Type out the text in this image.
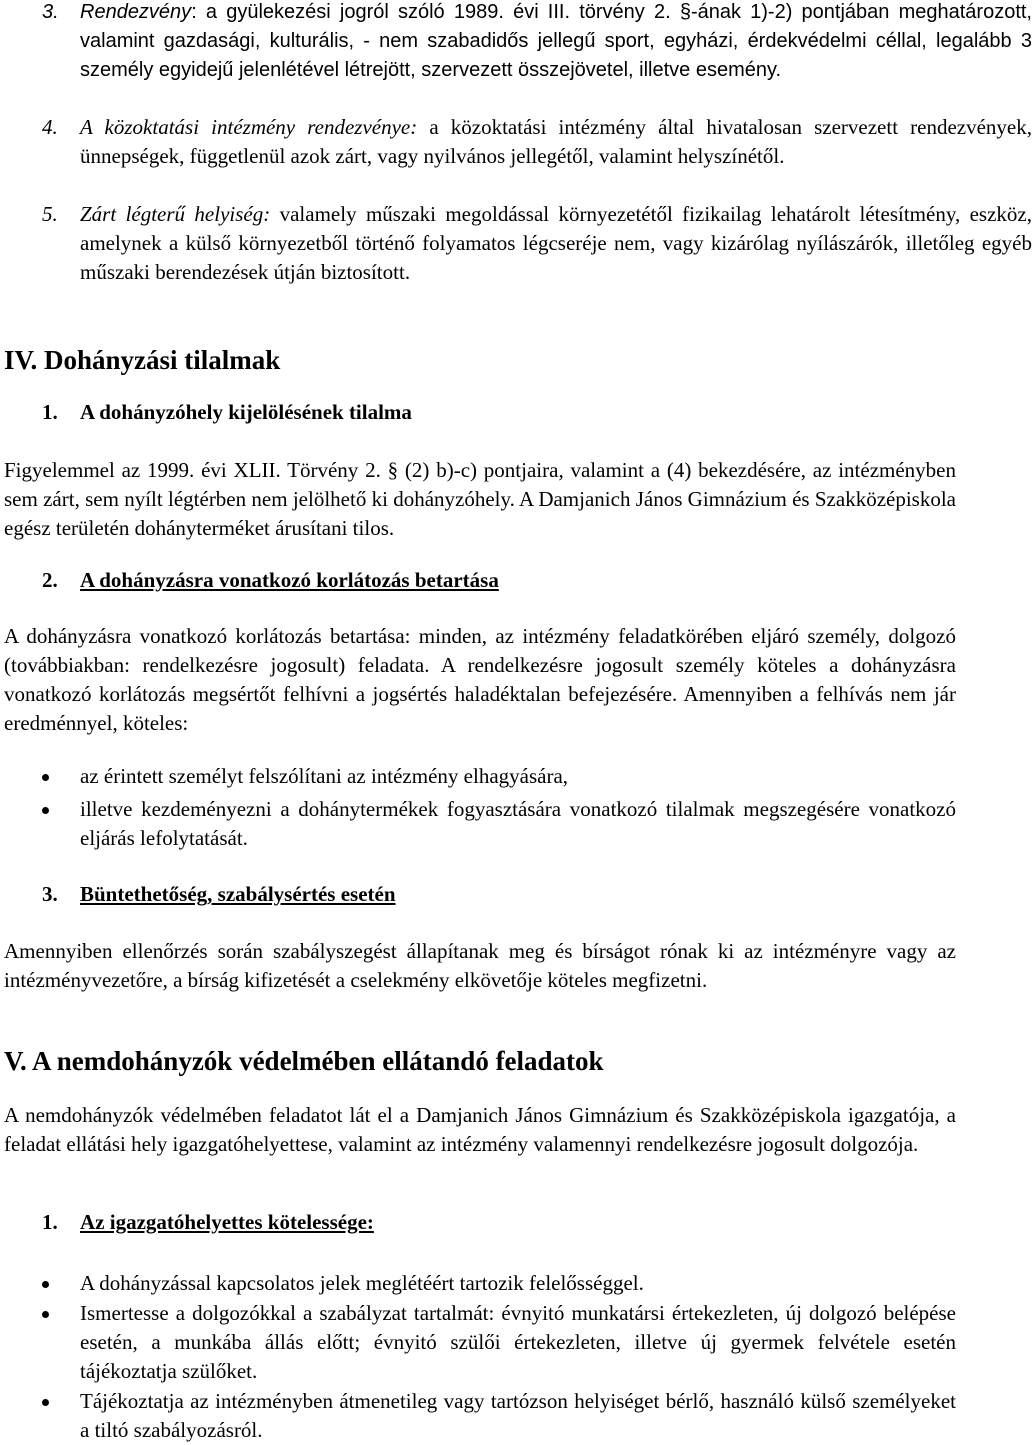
3. Rendezvény: a gyülekezési jogról szóló 1989. évi III. törvény 2. §-ának 1)-2) pontjában meghatározott, valamint gazdasági, kulturális, - nem szabadidős jellegű sport, egyházi, érdekvédelmi céllal, legalább 3 személy egyidejű jelenlétével létrejött, szervezett összejövetel, illetve esemény.
4. A közoktatási intézmény rendezvénye: a közoktatási intézmény által hivatalosan szervezett rendezvények, ünnepségek, függetlenül azok zárt, vagy nyilvános jellegétől, valamint helyszínétől.
5. Zárt légterű helyiség: valamely műszaki megoldással környezetétől fizikailag lehatárolt létesítmény, eszköz, amelynek a külső környezetből történő folyamatos légcseréje nem, vagy kizárólag nyílászárók, illetőleg egyéb műszaki berendezések útján biztosított.
IV. Dohányzási tilalmak
1. A dohányzóhely kijelölésének tilalma

Figyelemmel az 1999. évi XLII. Törvény 2. § (2) b)-c) pontjaira, valamint a (4) bekezdésére, az intézményben sem zárt, sem nyílt légtérben nem jelölhető ki dohányzóhely. A Damjanich János Gimnázium és Szakközépiskola egész területén dohányterméket árusítani tilos.

2. A dohányzásra vonatkozó korlátozás betartása

A dohányzásra vonatkozó korlátozás betartása: minden, az intézmény feladatkörében eljáró személy, dolgozó (továbbiakban: rendelkezésre jogosult) feladata. A rendelkezésre jogosult személy köteles a dohányzásra vonatkozó korlátozás megsértőt felhívni a jogsértés haladéktalan befejezésére. Amennyiben a felhívás nem jár eredménnyel, köteles:

az érintett személyt felszólítani az intézmény elhagyására,
illetve kezdeményezni a dohánytermékek fogyasztására vonatkozó tilalmak megszegésére vonatkozó eljárás lefolytatását.
3. Büntethetőség, szabálysértés esetén

Amennyiben ellenőrzés során szabályszegést állapítanak meg és bírságot rónak ki az intézményre vagy az intézményvezetőre, a bírság kifizetését a cselekmény elkövetője köteles megfizetni.

V. A nemdohányzók védelmében ellátandó feladatok

A nemdohányzók védelmében feladatot lát el a Damjanich János Gimnázium és Szakközépiskola igazgatója, a feladat ellátási hely igazgatóhelyettese, valamint az intézmény valamennyi rendelkezésre jogosult dolgozója.

1. Az igazgatóhelyettes kötelessége:
A dohányzással kapcsolatos jelek meglétéért tartozik felelősséggel.
Ismertesse a dolgozókkal a szabályzat tartalmát: évnyitó munkatársi értekezleten, új dolgozó belépése esetén, a munkába állás előtt; évnyitó szülői értekezleten, illetve új gyermek felvétele esetén tájékoztatja szülőket.
Tájékoztatja az intézményben átmenetileg vagy tartózson helyiséget bérlő, használó külső személyeket a tiltó szabályozásról.
